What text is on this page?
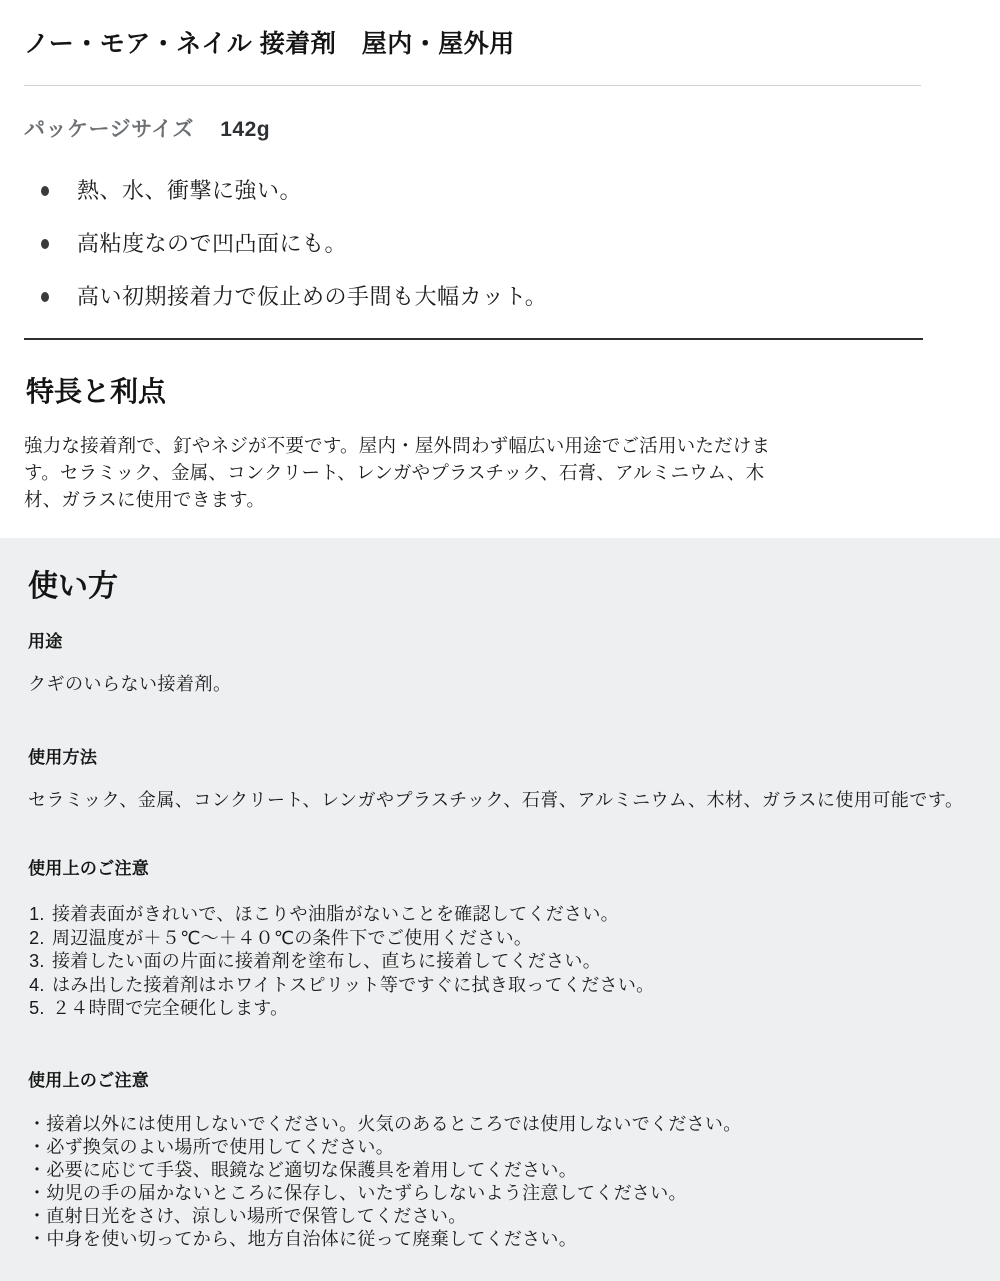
ノー・モア・ネイル 接着剤　屋内・屋外用
パッケージサイズ 142g
熱、水、衝撃に強い。
高粘度なので凹凸面にも。
高い初期接着力で仮止めの手間も大幅カット。
特長と利点

強力な接着剤で、釘やネジが不要です。屋内・屋外問わず幅広い用途でご活用いただけます。セラミック、金属、コンクリート、レンガやプラスチック、石膏、アルミニウム、木材、ガラスに使用できます。

使い方
用途

クギのいらない接着剤。

使用方法

セラミック、金属、コンクリート、レンガやプラスチック、石膏、アルミニウム、木材、ガラスに使用可能です。

使用上のご注意
1. 接着表面がきれいで、ほこりや油脂がないことを確認してください。
2. 周辺温度が＋５℃〜＋４０℃の条件下でご使用ください。
3. 接着したい面の片面に接着剤を塗布し、直ちに接着してください。
4. はみ出した接着剤はホワイトスピリット等ですぐに拭き取ってください。
5. ２４時間で完全硬化します。
使用上のご注意
・ 接着以外には使用しないでください。火気のあるところでは使用しないでください。
・ 必ず換気のよい場所で使用してください。
・ 必要に応じて手袋、眼鏡など適切な保護具を着用してください。
・ 幼児の手の届かないところに保存し、いたずらしないよう注意してください。
・ 直射日光をさけ、涼しい場所で保管してください。
・ 中身を使い切ってから、地方自治体に従って廃棄してください。
